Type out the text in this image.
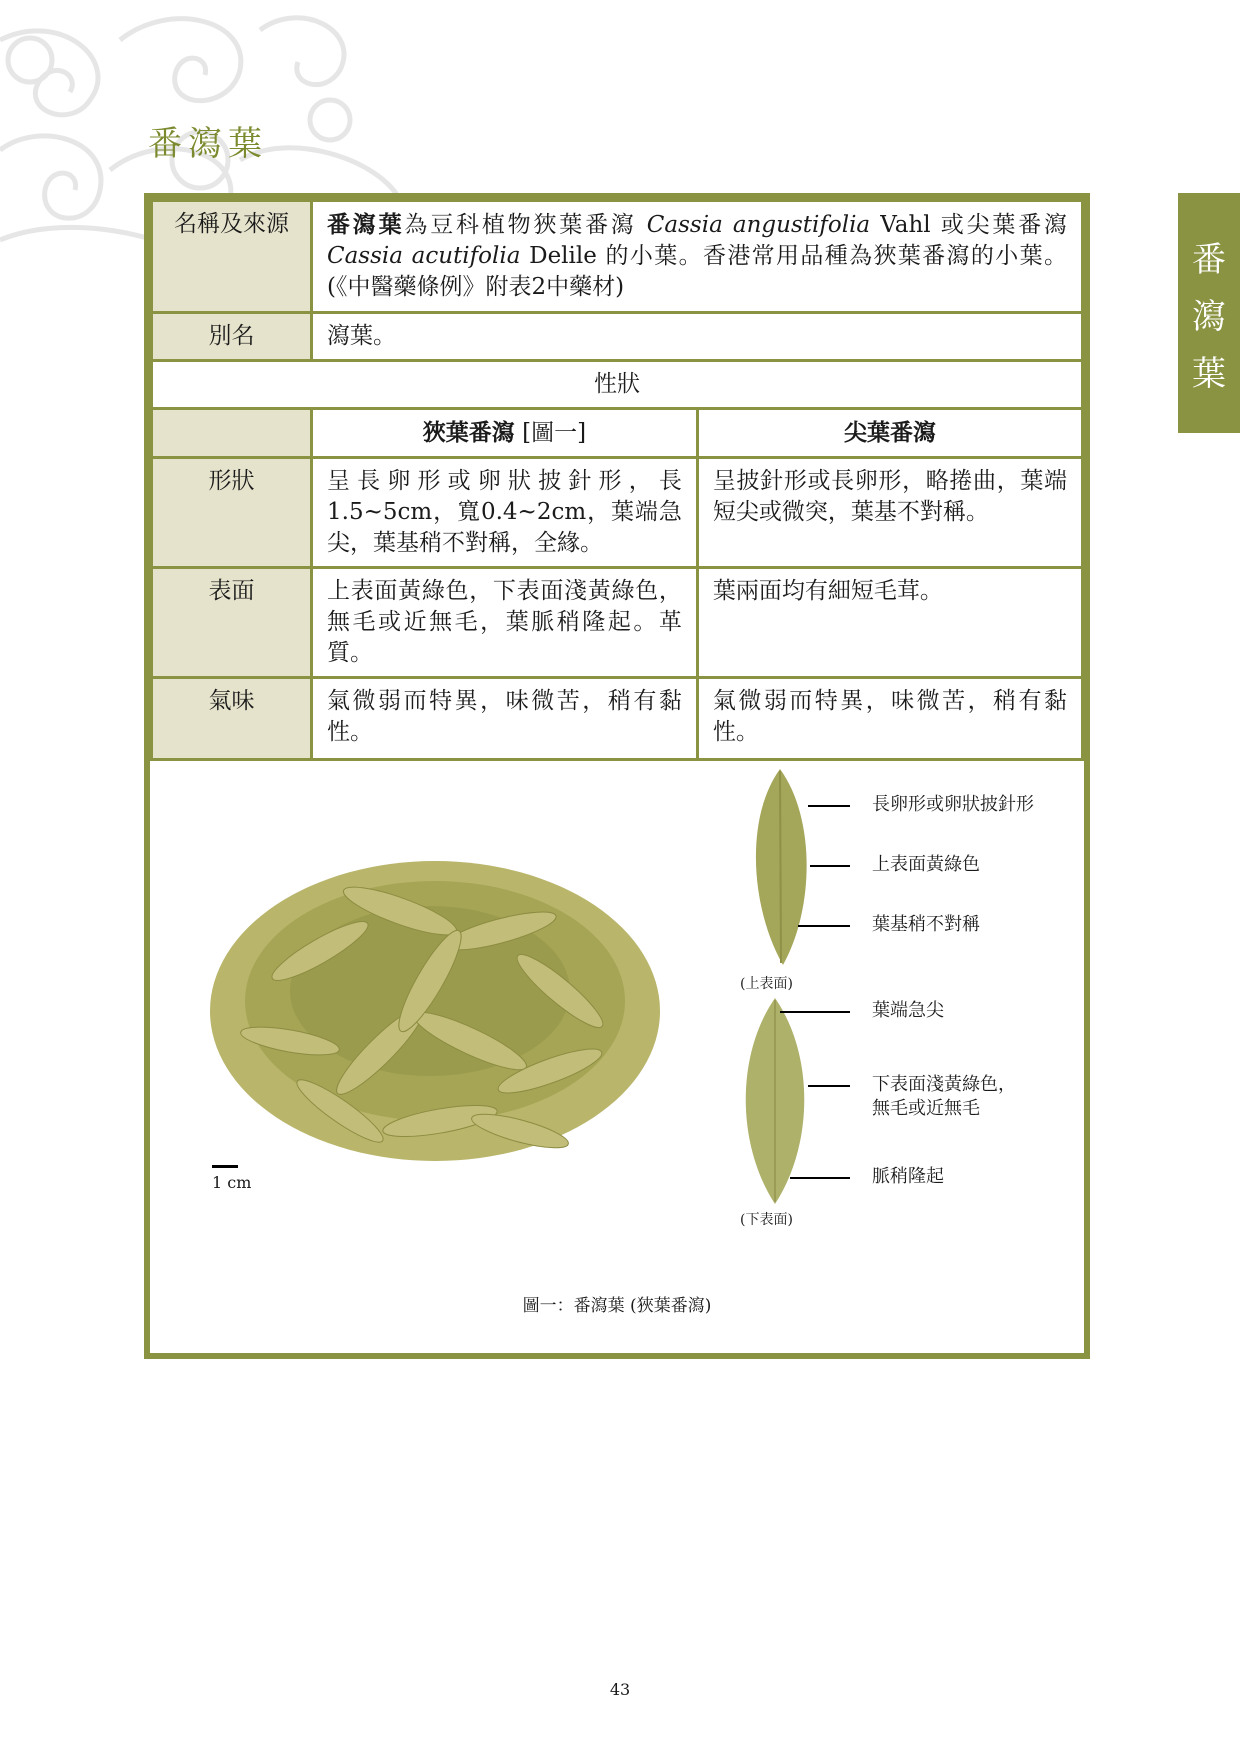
番瀉葉
番
瀉
葉
名稱及來源	番瀉葉為豆科植物狹葉番瀉 Cassia angustifolia Vahl 或尖葉番瀉 Cassia acutifolia Delile 的小葉。香港常用品種為狹葉番瀉的小葉。(《中醫藥條例》附表2中藥材)	
別名	瀉葉。	
性狀		
	狹葉番瀉 [圖一]	尖葉番瀉
形狀	呈長卵形或卵狀披針形，長1.5~5cm，寬0.4~2cm，葉端急尖，葉基稍不對稱，全緣。	呈披針形或長卵形，略捲曲，葉端短尖或微突，葉基不對稱。
表面	上表面黃綠色，下表面淺黃綠色，無毛或近無毛，葉脈稍隆起。革質。	葉兩面均有細短毛茸。
氣味	氣微弱而特異，味微苦，稍有黏性。	氣微弱而特異，味微苦，稍有黏性。
1 cm
(上表面)
(下表面)
長卵形或卵狀披針形
上表面黃綠色
葉基稍不對稱
葉端急尖
下表面淺黃綠色，
無毛或近無毛
脈稍隆起
圖一：番瀉葉 (狹葉番瀉)
43
